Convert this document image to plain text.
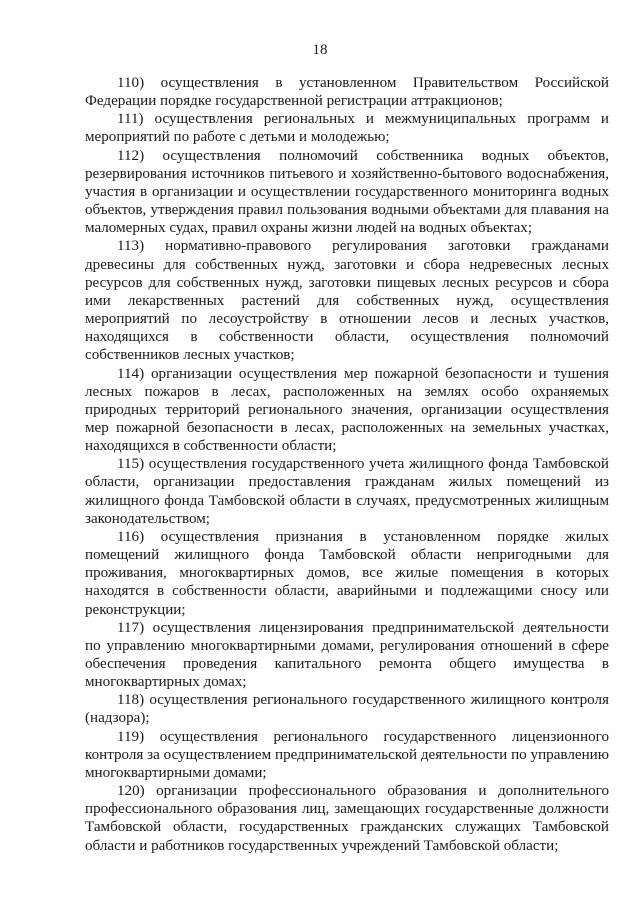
18

110) осуществления в установленном Правительством Российской Федерации порядке государственной регистрации аттракционов;

111) осуществления региональных и межмуниципальных программ и мероприятий по работе с детьми и молодежью;

112) осуществления полномочий собственника водных объектов, резервирования источников питьевого и хозяйственно-бытового водоснабжения, участия в организации и осуществлении государственного мониторинга водных объектов, утверждения правил пользования водными объектами для плавания на маломерных судах, правил охраны жизни людей на водных объектах;

113) нормативно-правового регулирования заготовки гражданами древесины для собственных нужд, заготовки и сбора недревесных лесных ресурсов для собственных нужд, заготовки пищевых лесных ресурсов и сбора ими лекарственных растений для собственных нужд, осуществления мероприятий по лесоустройству в отношении лесов и лесных участков, находящихся в собственности области, осуществления полномочий собственников лесных участков;

114) организации осуществления мер пожарной безопасности и тушения лесных пожаров в лесах, расположенных на землях особо охраняемых природных территорий регионального значения, организации осуществления мер пожарной безопасности в лесах, расположенных на земельных участках, находящихся в собственности области;

115) осуществления государственного учета жилищного фонда Тамбовской области, организации предоставления гражданам жилых помещений из жилищного фонда Тамбовской области в случаях, предусмотренных жилищным законодательством;

116) осуществления признания в установленном порядке жилых помещений жилищного фонда Тамбовской области непригодными для проживания, многоквартирных домов, все жилые помещения в которых находятся в собственности области, аварийными и подлежащими сносу или реконструкции;

117) осуществления лицензирования предпринимательской деятельности по управлению многоквартирными домами, регулирования отношений в сфере обеспечения проведения капитального ремонта общего имущества в многоквартирных домах;

118) осуществления регионального государственного жилищного контроля (надзора);

119) осуществления регионального государственного лицензионного контроля за осуществлением предпринимательской деятельности по управлению многоквартирными домами;

120) организации профессионального образования и дополнительного профессионального образования лиц, замещающих государственные должности Тамбовской области, государственных гражданских служащих Тамбовской области и работников государственных учреждений Тамбовской области;
